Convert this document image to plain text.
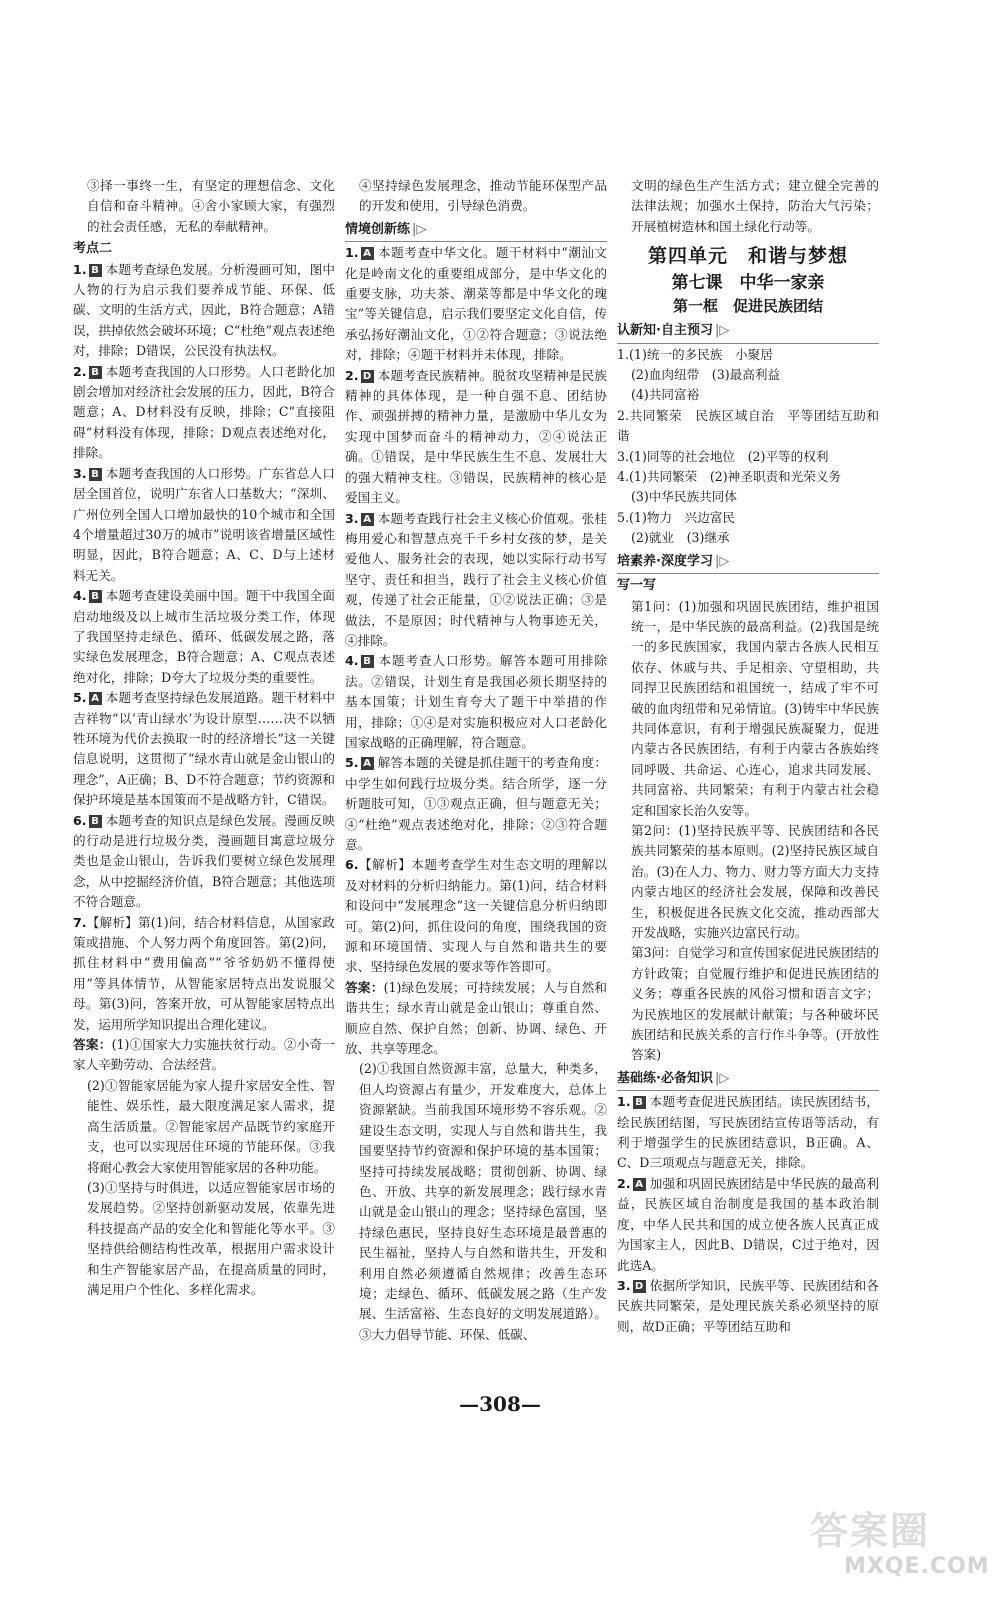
③择一事终一生，有坚定的理想信念、文化自信和奋斗精神。④舍小家顾大家，有强烈的社会责任感，无私的奉献精神。

考点二

1. B 本题考查绿色发展。分析漫画可知，图中人物的行为启示我们要养成节能、环保、低碳、文明的生活方式，因此，B符合题意；A错误，拱掉依然会破坏环境；C“杜绝”观点表述绝对，排除；D错误，公民没有执法权。

2. B 本题考查我国的人口形势。人口老龄化加剧会增加对经济社会发展的压力，因此，B符合题意；A、D材料没有反映，排除；C“直接阻碍”材料没有体现，排除；D观点表述绝对化，排除。

3. B 本题考查我国的人口形势。广东省总人口居全国首位，说明广东省人口基数大；“深圳、广州位列全国人口增加最快的10个城市和全国4个增量超过30万的城市”说明该省增量区域性明显，因此，B符合题意；A、C、D与上述材料无关。

4. B 本题考查建设美丽中国。题干中我国全面启动地级及以上城市生活垃圾分类工作，体现了我国坚持走绿色、循环、低碳发展之路，落实绿色发展理念，B符合题意；A、C观点表述绝对化，排除；D夸大了垃圾分类的重要性。

5. A 本题考查坚持绿色发展道路。题干材料中吉祥物“以‘青山绿水’为设计原型……决不以牺牲环境为代价去换取一时的经济增长”这一关键信息说明，这贯彻了“绿水青山就是金山银山的理念”，A正确；B、D不符合题意；节约资源和保护环境是基本国策而不是战略方针，C错误。

6. B 本题考查的知识点是绿色发展。漫画反映的行动是进行垃圾分类，漫画题目寓意垃圾分类也是金山银山，告诉我们要树立绿色发展理念，从中挖掘经济价值，B符合题意；其他选项不符合题意。

7.【解析】第(1)问，结合材料信息，从国家政策或措施、个人努力两个角度回答。第(2)问，抓住材料中“费用偏高”“爷爷奶奶不懂得使用”等具体情节，从智能家居特点出发说服父母。第(3)问，答案开放，可从智能家居特点出发，运用所学知识提出合理化建议。

答案：(1)①国家大力实施扶贫行动。②小奇一家人辛勤劳动、合法经营。

(2)①智能家居能为家人提升家居安全性、智能性、娱乐性，最大限度满足家人需求，提高生活质量。②智能家居产品既节约家庭开支，也可以实现居住环境的节能环保。③我将耐心教会大家使用智能家居的各种功能。

(3)①坚持与时俱进，以适应智能家居市场的发展趋势。②坚持创新驱动发展，依靠先进科技提高产品的安全化和智能化等水平。③坚持供给侧结构性改革，根据用户需求设计和生产智能家居产品，在提高质量的同时，满足用户个性化、多样化需求。

④坚持绿色发展理念，推动节能环保型产品的开发和使用，引导绿色消费。

情境创新练 |▷

1. A 本题考查中华文化。题干材料中“潮汕文化是岭南文化的重要组成部分，是中华文化的重要支脉，功夫茶、潮菜等都是中华文化的瑰宝”等关键信息，启示我们要坚定文化自信，传承弘扬好潮汕文化，①②符合题意；③说法绝对，排除；④题干材料并未体现，排除。

2. D 本题考查民族精神。脱贫攻坚精神是民族精神的具体体现，是一种自强不息、团结协作、顽强拼搏的精神力量，是激励中华儿女为实现中国梦而奋斗的精神动力，②④说法正确。①错误，是中华民族生生不息、发展壮大的强大精神支柱。③错误，民族精神的核心是爱国主义。

3. A 本题考查践行社会主义核心价值观。张桂梅用爱心和智慧点亮千千乡村女孩的梦，是关爱他人、服务社会的表现，她以实际行动书写坚守、责任和担当，践行了社会主义核心价值观，传递了社会正能量，①②说法正确；③是做法，不是原因；时代精神与人物事迹无关，④排除。

4. B 本题考查人口形势。解答本题可用排除法。②错误，计划生育是我国必须长期坚持的基本国策；计划生育夸大了题干中举措的作用，排除；①④是对实施积极应对人口老龄化国家战略的正确理解，符合题意。

5. A 解答本题的关键是抓住题干的考查角度：中学生如何践行垃圾分类。结合所学，逐一分析题肢可知，①③观点正确，但与题意无关；④“杜绝”观点表述绝对化，排除；②③符合题意。

6.【解析】本题考查学生对生态文明的理解以及对材料的分析归纳能力。第(1)问，结合材料和设问中“发展理念”这一关键信息分析归纳即可。第(2)问，抓住设问的角度，围绕我国的资源和环境国情、实现人与自然和谐共生的要求、坚持绿色发展的要求等作答即可。

答案：(1)绿色发展；可持续发展；人与自然和谐共生；绿水青山就是金山银山；尊重自然、顺应自然、保护自然；创新、协调、绿色、开放、共享等理念。

(2)①我国自然资源丰富，总量大，种类多，但人均资源占有量少，开发难度大，总体上资源紧缺。当前我国环境形势不容乐观。②建设生态文明，实现人与自然和谐共生，我国要坚持节约资源和保护环境的基本国策；坚持可持续发展战略；贯彻创新、协调、绿色、开放、共享的新发展理念；践行绿水青山就是金山银山的理念；坚持绿色富国，坚持绿色惠民，坚持良好生态环境是最普惠的民生福祉，坚持人与自然和谐共生，开发和利用自然必须遵循自然规律；改善生态环境；走绿色、循环、低碳发展之路（生产发展、生活富裕、生态良好的文明发展道路）。③大力倡导节能、环保、低碳、

文明的绿色生产生活方式；建立健全完善的法律法规；加强水土保持，防治大气污染；开展植树造林和国土绿化行动等。

第四单元　和谐与梦想

第七课　中华一家亲

第一框　促进民族团结

认新知·自主预习 |▷

1.(1)统一的多民族　小聚居

(2)血肉纽带　(3)最高利益

(4)共同富裕

2.共同繁荣　民族区域自治　平等团结互助和谐

3.(1)同等的社会地位　(2)平等的权利

4.(1)共同繁荣　(2)神圣职责和光荣义务

(3)中华民族共同体

5.(1)物力　兴边富民

(2)就业　(3)继承

培素养·深度学习 |▷

写一写

第1问：(1)加强和巩固民族团结，维护祖国统一，是中华民族的最高利益。(2)我国是统一的多民族国家，我国内蒙古各族人民相互依存、休戚与共、手足相亲、守望相助，共同捍卫民族团结和祖国统一，结成了牢不可破的血肉纽带和兄弟情谊。(3)铸牢中华民族共同体意识，有利于增强民族凝聚力，促进内蒙古各民族团结，有利于内蒙古各族始终同呼吸、共命运、心连心，追求共同发展、共同富裕、共同繁荣；有利于内蒙古社会稳定和国家长治久安等。

第2问：(1)坚持民族平等、民族团结和各民族共同繁荣的基本原则。(2)坚持民族区域自治。(3)在人力、物力、财力等方面大力支持内蒙古地区的经济社会发展，保障和改善民生，积极促进各民族文化交流，推动西部大开发战略，实施兴边富民行动。

第3问：自觉学习和宣传国家促进民族团结的方针政策；自觉履行维护和促进民族团结的义务；尊重各民族的风俗习惯和语言文字；为民族地区的发展献计献策；与各种破坏民族团结和民族关系的言行作斗争等。(开放性答案)

基础练·必备知识 |▷

1. B 本题考查促进民族团结。读民族团结书，绘民族团结图，写民族团结宣传语等活动，有利于增强学生的民族团结意识，B正确。A、C、D三项观点与题意无关，排除。

2. A 加强和巩固民族团结是中华民族的最高利益，民族区域自治制度是我国的基本政治制度，中华人民共和国的成立使各族人民真正成为国家主人，因此B、D错误，C过于绝对，因此选A。

3. D 依据所学知识，民族平等、民族团结和各民族共同繁荣，是处理民族关系必须坚持的原则，故D正确；平等团结互助和

—308—
答案圈
MXQE.COM
